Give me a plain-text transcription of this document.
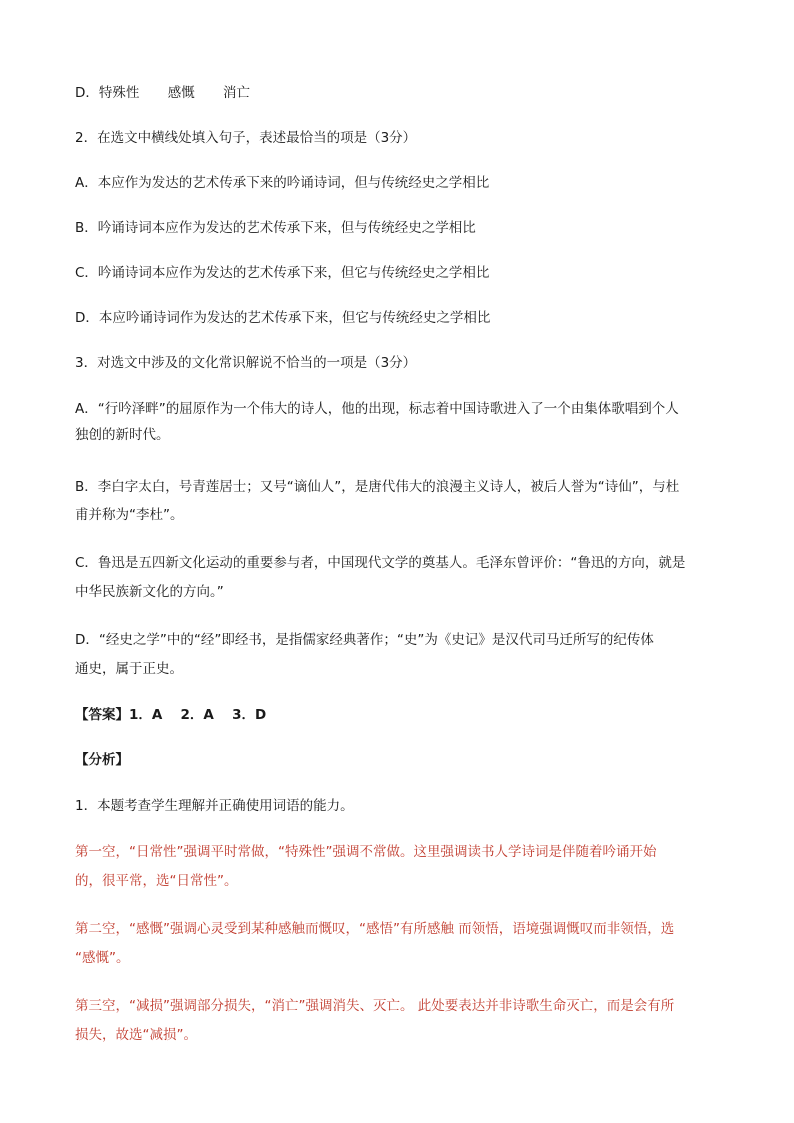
D．特殊性 感慨 消亡
2．在选文中横线处填入句子，表述最恰当的项是（3分）
A．本应作为发达的艺术传承下来的吟诵诗词，但与传统经史之学相比
B．吟诵诗词本应作为发达的艺术传承下来，但与传统经史之学相比
C．吟诵诗词本应作为发达的艺术传承下来，但它与传统经史之学相比
D．本应吟诵诗词作为发达的艺术传承下来，但它与传统经史之学相比
3．对选文中涉及的文化常识解说不恰当的一项是（3分）
A．“行吟泽畔”的屈原作为一个伟大的诗人，他的出现，标志着中国诗歌进入了一个由集体歌唱到个人
独创的新时代。
B．李白字太白，号青莲居士；又号“谪仙人”，是唐代伟大的浪漫主义诗人，被后人誉为“诗仙”，与杜
甫并称为“李杜”。
C．鲁迅是五四新文化运动的重要参与者，中国现代文学的奠基人。毛泽东曾评价：“鲁迅的方向，就是
中华民族新文化的方向。”
D．“经史之学”中的“经”即经书，是指儒家经典著作；“史”为《史记》是汉代司马迁所写的纪传体
通史，属于正史。
【答案】1．A　 2．A　 3．D
【分析】
1．本题考查学生理解并正确使用词语的能力。
第一空，“日常性”强调平时常做，“特殊性”强调不常做。这里强调读书人学诗词是伴随着吟诵开始
的，很平常，选“日常性”。
第二空，“感慨”强调心灵受到某种感触而慨叹，“感悟”有所感触 而领悟，语境强调慨叹而非领悟，选
“感慨”。
第三空，“减损”强调部分损失，“消亡”强调消失、灭亡。 此处要表达并非诗歌生命灭亡，而是会有所
损失，故选“减损”。
